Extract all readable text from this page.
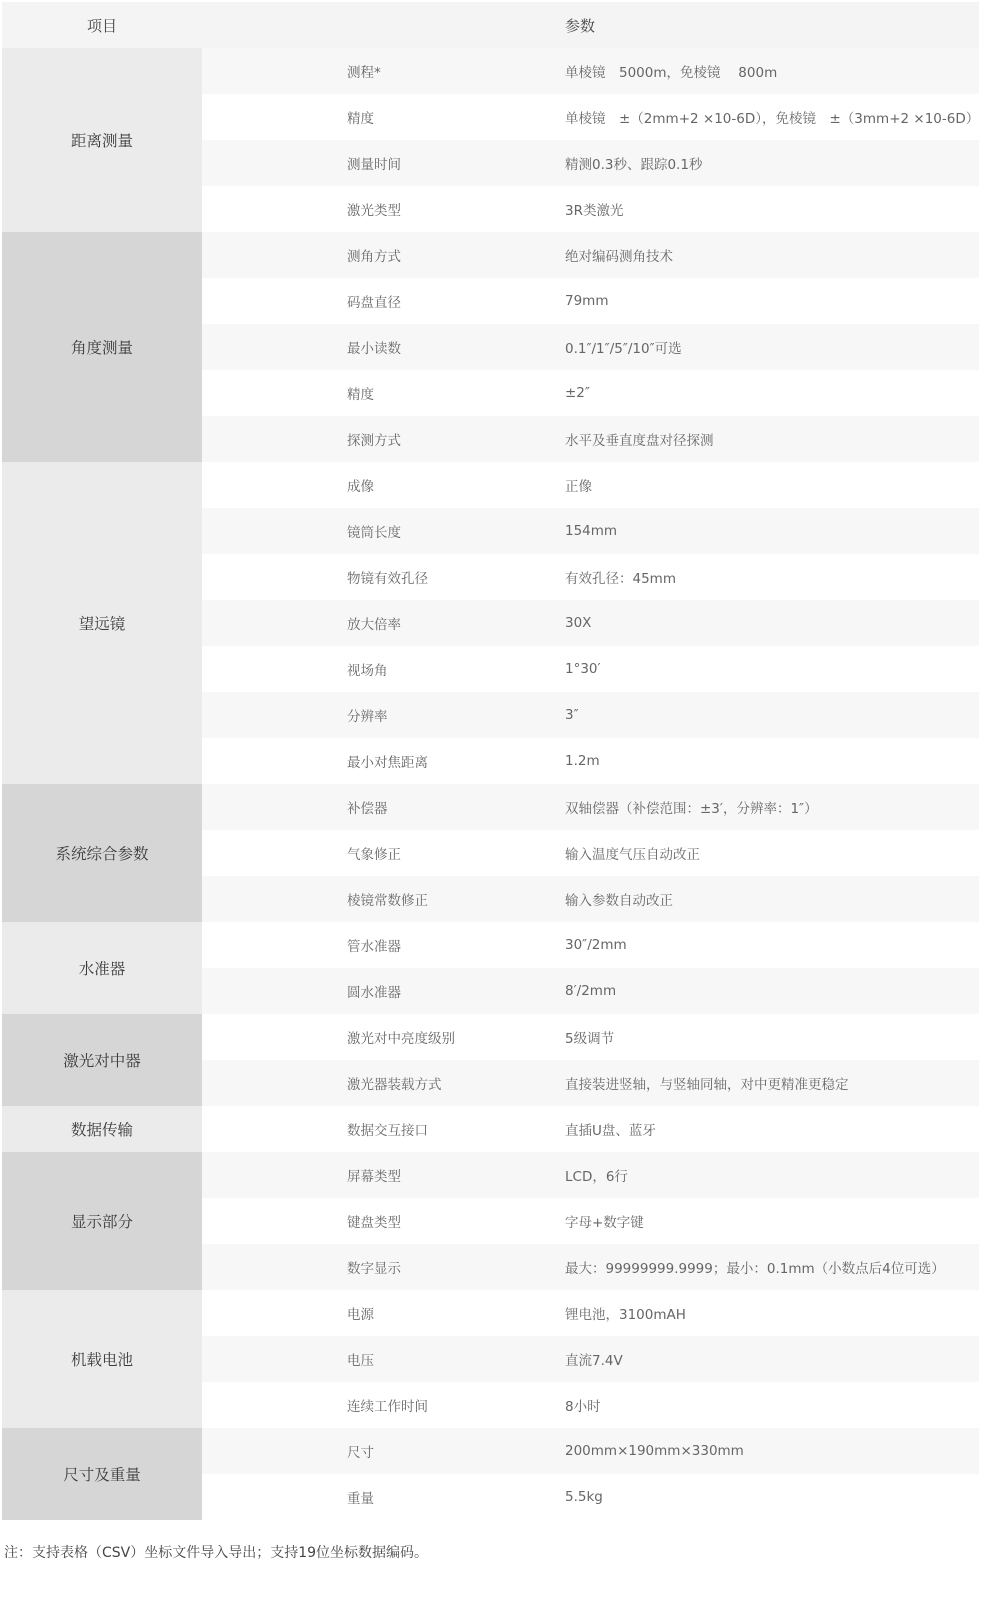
项目	参数	
距离测量	测程*	单棱镜　5000m，免棱镜　 800m
	精度	单棱镜　±（2mm+2 ×10-6D），免棱镜　±（3mm+2 ×10-6D）
	测量时间	精测0.3秒、跟踪0.1秒
	激光类型	3R类激光
角度测量	测角方式	绝对编码测角技术
	码盘直径	79mm
	最小读数	0.1″/1″/5″/10″可选
	精度	±2″
	探测方式	水平及垂直度盘对径探测
望远镜	成像	正像
	镜筒长度	154mm
	物镜有效孔径	有效孔径：45mm
	放大倍率	30X
	视场角	1°30′
	分辨率	3″
	最小对焦距离	1.2m
系统综合参数	补偿器	双轴偿器（补偿范围：±3′，分辨率：1″）
	气象修正	输入温度气压自动改正
	棱镜常数修正	输入参数自动改正
水准器	管水准器	30″/2mm
	圆水准器	8′/2mm
激光对中器	激光对中亮度级别	5级调节
	激光器装载方式	直接装进竖轴，与竖轴同轴，对中更精准更稳定
数据传输	数据交互接口	直插U盘、蓝牙
显示部分	屏幕类型	LCD，6行
	键盘类型	字母+数字键
	数字显示	最大：99999999.9999；最小：0.1mm（小数点后4位可选）
机载电池	电源	锂电池，3100mAH
	电压	直流7.4V
	连续工作时间	8小时
尺寸及重量	尺寸	200mm×190mm×330mm
	重量	5.5kg
注：支持表格（CSV）坐标文件导入导出；支持19位坐标数据编码。
